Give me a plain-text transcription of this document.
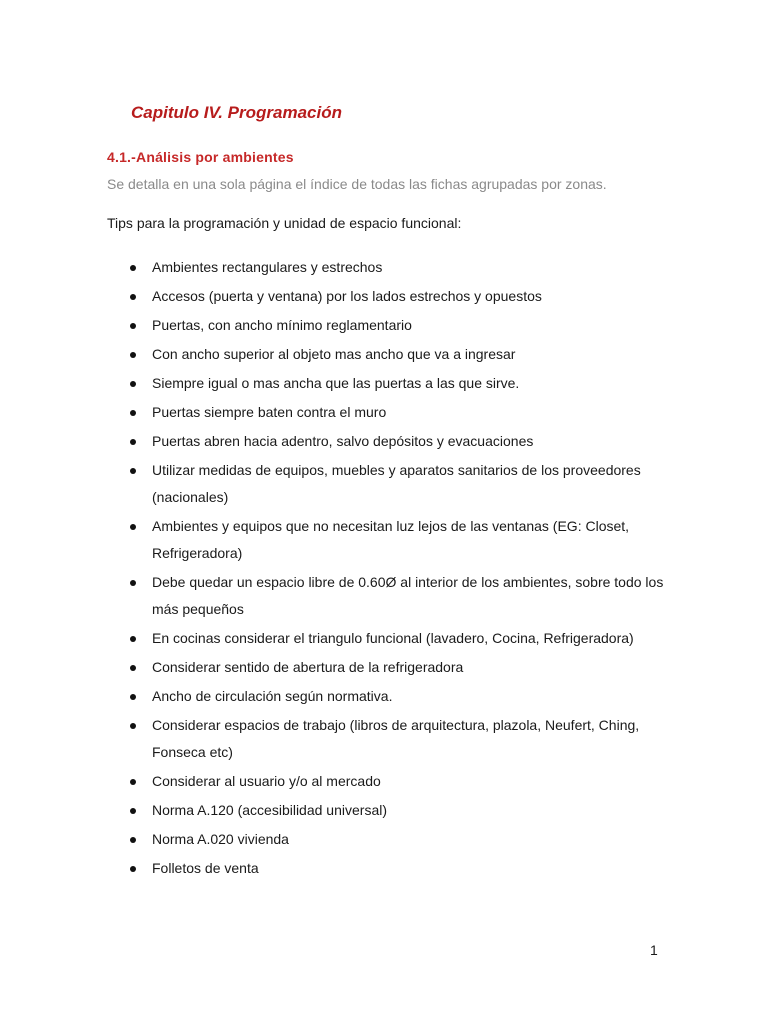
Capitulo IV. Programación
4.1.-Análisis por ambientes

Se detalla en una sola página el índice de todas las fichas agrupadas por zonas.

Tips para la programación y unidad de espacio funcional:

Ambientes rectangulares y estrechos
Accesos (puerta y ventana) por los lados estrechos y opuestos
Puertas, con ancho mínimo reglamentario
Con ancho superior al objeto mas ancho que va a ingresar
Siempre igual o mas ancha que las puertas a las que sirve.
Puertas siempre baten contra el muro
Puertas abren hacia adentro, salvo depósitos y evacuaciones
Utilizar medidas de equipos, muebles y aparatos sanitarios de los proveedores (nacionales)
Ambientes y equipos que no necesitan luz lejos de las ventanas (EG: Closet, Refrigeradora)
Debe quedar un espacio libre de 0.60Ø al interior de los ambientes, sobre todo los más pequeños
En cocinas considerar el triangulo funcional (lavadero, Cocina, Refrigeradora)
Considerar sentido de abertura de la refrigeradora
Ancho de circulación según normativa.
Considerar espacios de trabajo (libros de arquitectura, plazola, Neufert, Ching, Fonseca etc)
Considerar al usuario y/o al mercado
Norma A.120 (accesibilidad universal)
Norma A.020 vivienda
Folletos de venta
1
